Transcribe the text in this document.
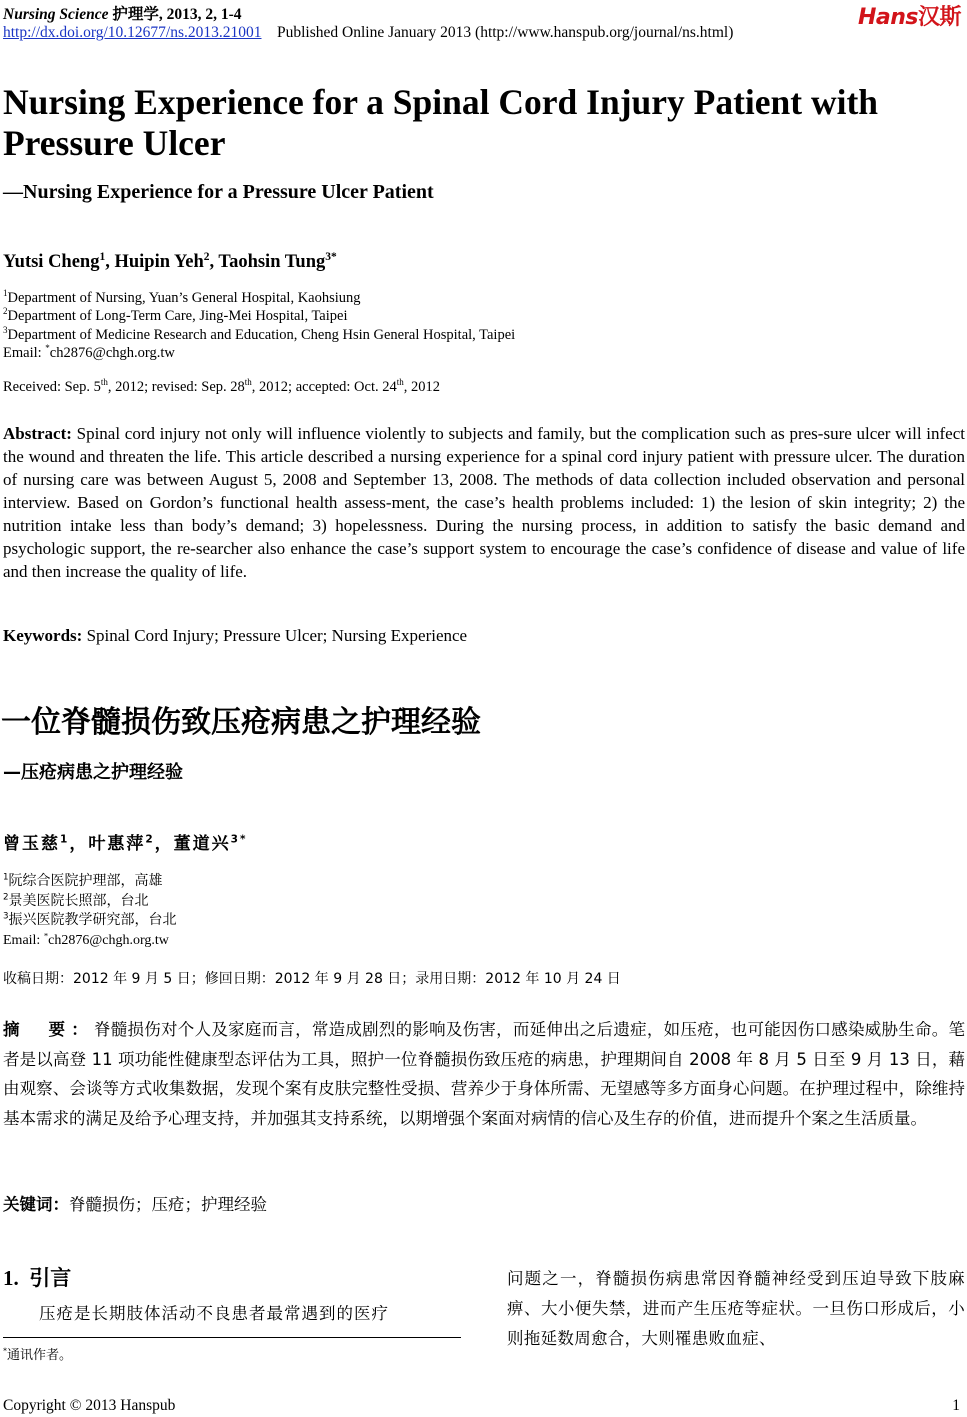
Nursing Science 护理学, 2013, 2, 1-4
http://dx.doi.org/10.12677/ns.2013.21001 Published Online January 2013 (http://www.hanspub.org/journal/ns.html)
Hans汉斯
Nursing Experience for a Spinal Cord Injury Patient with Pressure Ulcer
—Nursing Experience for a Pressure Ulcer Patient
Yutsi Cheng$^1$, Huipin Yeh$^2$, Taohsin Tung$^{3*}$
$^1$Department of Nursing, Yuan’s General Hospital, Kaohsiung
$^2$Department of Long-Term Care, Jing-Mei Hospital, Taipei
$^3$Department of Medicine Research and Education, Cheng Hsin General Hospital, Taipei
Email: *ch2876@chgh.org.tw
Received: Sep. 5th, 2012; revised: Sep. 28th, 2012; accepted: Oct. 24th, 2012
Abstract: Spinal cord injury not only will influence violently to subjects and family, but the complication such as pres-sure ulcer will infect the wound and threaten the life. This article described a nursing experience for a spinal cord injury patient with pressure ulcer. The duration of nursing care was between August 5, 2008 and September 13, 2008. The methods of data collection included observation and personal interview. Based on Gordon’s functional health assess-ment, the case’s health problems included: 1) the lesion of skin integrity; 2) the nutrition intake less than body’s demand; 3) hopelessness. During the nursing process, in addition to satisfy the basic demand and psychologic support, the re-searcher also enhance the case’s support system to encourage the case’s confidence of disease and value of life and then increase the quality of life.
Keywords: Spinal Cord Injury; Pressure Ulcer; Nursing Experience
一位脊髓损伤致压疮病患之护理经验
—压疮病患之护理经验
曾玉慈$^1$，叶惠萍$^2$，董道兴$^{3*}$
$^1$阮综合医院护理部，高雄
$^2$景美医院长照部，台北
$^3$振兴医院教学研究部，台北
Email: *ch2876@chgh.org.tw
收稿日期：2012 年 9 月 5 日；修回日期：2012 年 9 月 28 日；录用日期：2012 年 10 月 24 日
摘　要：脊髓损伤对个人及家庭而言，常造成剧烈的影响及伤害，而延伸出之后遗症，如压疮，也可能因伤口感染威胁生命。笔者是以高登 11 项功能性健康型态评估为工具，照护一位脊髓损伤致压疮的病患，护理期间自 2008 年 8 月 5 日至 9 月 13 日，藉由观察、会谈等方式收集数据，发现个案有皮肤完整性受损、营养少于身体所需、无望感等多方面身心问题。在护理过程中，除维持基本需求的满足及给予心理支持，并加强其支持系统，以期增强个案面对病情的信心及生存的价值，进而提升个案之生活质量。
关键词：脊髓损伤；压疮；护理经验
1. 引言
压疮是长期肢体活动不良患者最常遇到的医疗
*通讯作者。
问题之一，脊髓损伤病患常因脊髓神经受到压迫导致下肢麻痹、大小便失禁，进而产生压疮等症状。一旦伤口形成后，小则拖延数周愈合，大则罹患败血症、
Copyright © 2013 Hanspub	1
